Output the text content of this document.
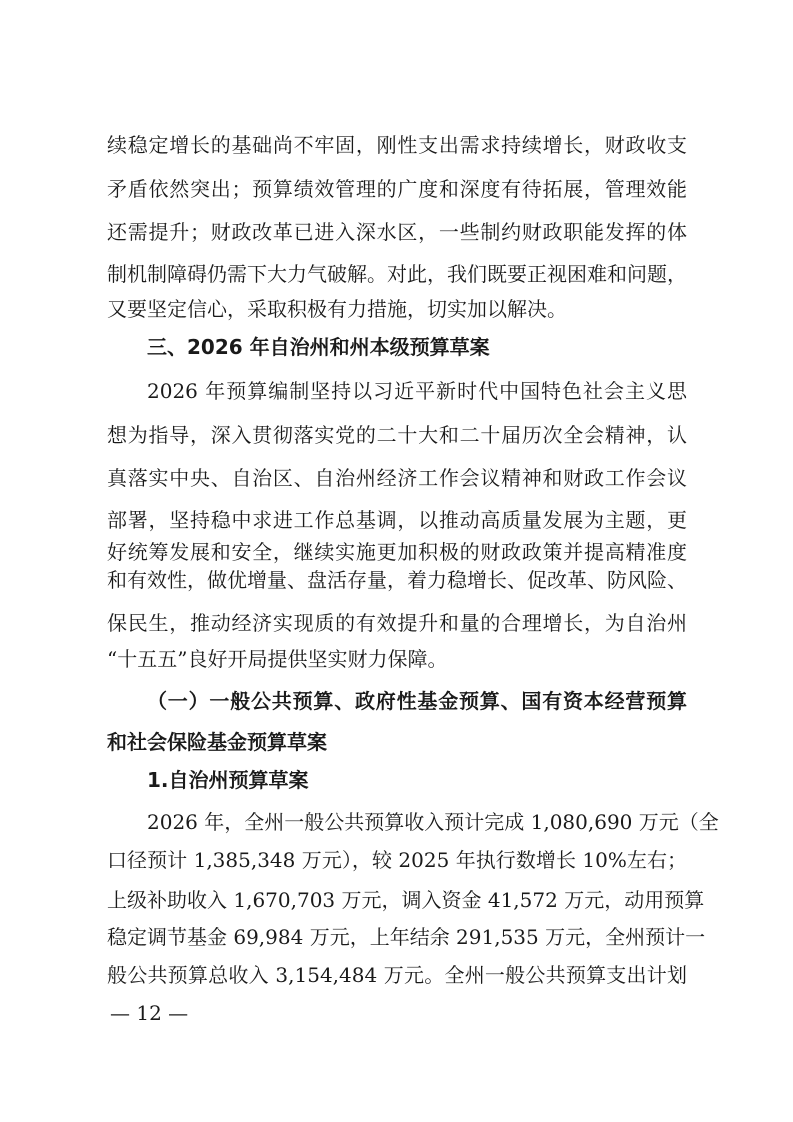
续稳定增长的基础尚不牢固，刚性支出需求持续增长，财政收支
矛盾依然突出；预算绩效管理的广度和深度有待拓展，管理效能
还需提升；财政改革已进入深水区，一些制约财政职能发挥的体
制机制障碍仍需下大力气破解。对此，我们既要正视困难和问题，
又要坚定信心，采取积极有力措施，切实加以解决。
三、2026 年自治州和州本级预算草案
2026 年预算编制坚持以习近平新时代中国特色社会主义思
想为指导，深入贯彻落实党的二十大和二十届历次全会精神，认
真落实中央、自治区、自治州经济工作会议精神和财政工作会议
部署，坚持稳中求进工作总基调，以推动高质量发展为主题，更
好统筹发展和安全，继续实施更加积极的财政政策并提高精准度
和有效性，做优增量、盘活存量，着力稳增长、促改革、防风险、
保民生，推动经济实现质的有效提升和量的合理增长，为自治州
“十五五”良好开局提供坚实财力保障。
（一）一般公共预算、政府性基金预算、国有资本经营预算
和社会保险基金预算草案
1.自治州预算草案
2026 年，全州一般公共预算收入预计完成 1,080,690 万元（全
口径预计 1,385,348 万元），较 2025 年执行数增长 10%左右；
上级补助收入 1,670,703 万元，调入资金 41,572 万元，动用预算
稳定调节基金 69,984 万元，上年结余 291,535 万元，全州预计一
般公共预算总收入 3,154,484 万元。全州一般公共预算支出计划
— 12 —
